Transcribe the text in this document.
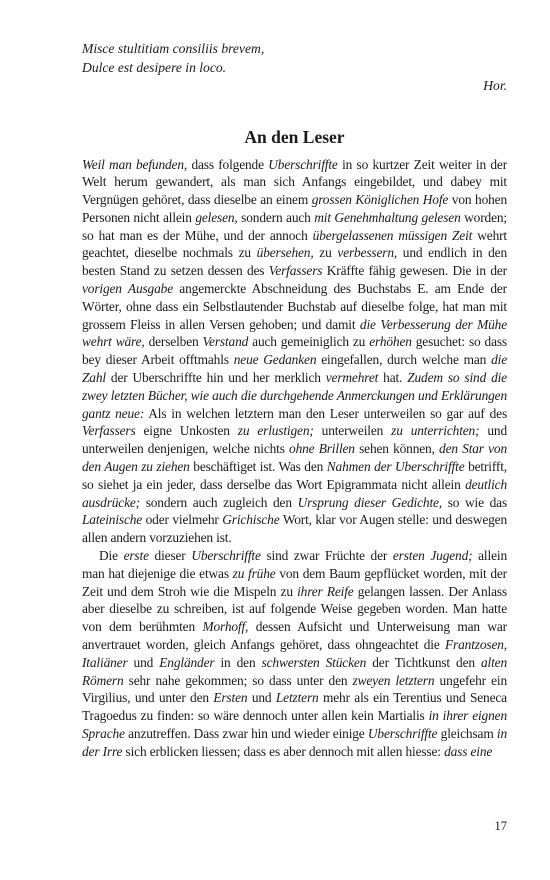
Misce stultitiam consiliis brevem,
Dulce est desipere in loco.
Hor.
An den Leser

Weil man befunden, dass folgende Uberschriffte in so kurtzer Zeit weiter in der Welt herum gewandert, als man sich Anfangs eingebildet, und dabey mit Vergnügen gehöret, dass dieselbe an einem grossen Königlichen Hofe von hohen Personen nicht allein gelesen, sondern auch mit Genehmhaltung gelesen worden; so hat man es der Mühe, und der annoch übergelassenen müssigen Zeit wehrt geachtet, dieselbe nochmals zu übersehen, zu verbessern, und endlich in den besten Stand zu setzen dessen des Verfassers Kräffte fähig gewesen. Die in der vorigen Ausgabe angemerckte Abschneidung des Buchstabs E. am Ende der Wörter, ohne dass ein Selbstlautender Buchstab auf dieselbe folge, hat man mit grossem Fleiss in allen Versen gehoben; und damit die Verbesserung der Mühe wehrt wäre, derselben Verstand auch gemeiniglich zu erhöhen gesuchet: so dass bey dieser Arbeit offtmahls neue Gedanken eingefallen, durch welche man die Zahl der Uberschriffte hin und her merklich vermehret hat. Zudem so sind die zwey letzten Bücher, wie auch die durchgehende Anmerckungen und Erklärungen gantz neue: Als in welchen letztern man den Leser unterweilen so gar auf des Verfassers eigne Unkosten zu erlustigen; unterweilen zu unterrichten; und unterweilen denjenigen, welche nichts ohne Brillen sehen können, den Star von den Augen zu ziehen beschäftiget ist. Was den Nahmen der Uberschriffte betrifft, so siehet ja ein jeder, dass derselbe das Wort Epigrammata nicht allein deutlich ausdrücke; sondern auch zugleich den Ursprung dieser Gedichte, so wie das Lateinische oder vielmehr Grichische Wort, klar vor Augen stelle: und deswegen allen andern vorzuziehen ist.

Die erste dieser Uberschriffte sind zwar Früchte der ersten Jugend; allein man hat diejenige die etwas zu frühe von dem Baum gepflücket worden, mit der Zeit und dem Stroh wie die Mispeln zu ihrer Reife gelangen lassen. Der Anlass aber dieselbe zu schreiben, ist auf folgende Weise gegeben worden. Man hatte von dem berühmten Morhoff, dessen Aufsicht und Unterweisung man war anvertrauet worden, gleich Anfangs gehöret, dass ohngeachtet die Frantzosen, Italiäner und Engländer in den schwersten Stücken der Tichtkunst den alten Römern sehr nahe gekommen; so dass unter den zweyen letztern ungefehr ein Virgilius, und unter den Ersten und Letztern mehr als ein Terentius und Seneca Tragoedus zu finden: so wäre dennoch unter allen kein Martialis in ihrer eignen Sprache anzutreffen. Dass zwar hin und wieder einige Uberschriffte gleichsam in der Irre sich erblicken liessen; dass es aber dennoch mit allen hiesse: dass eine

17
